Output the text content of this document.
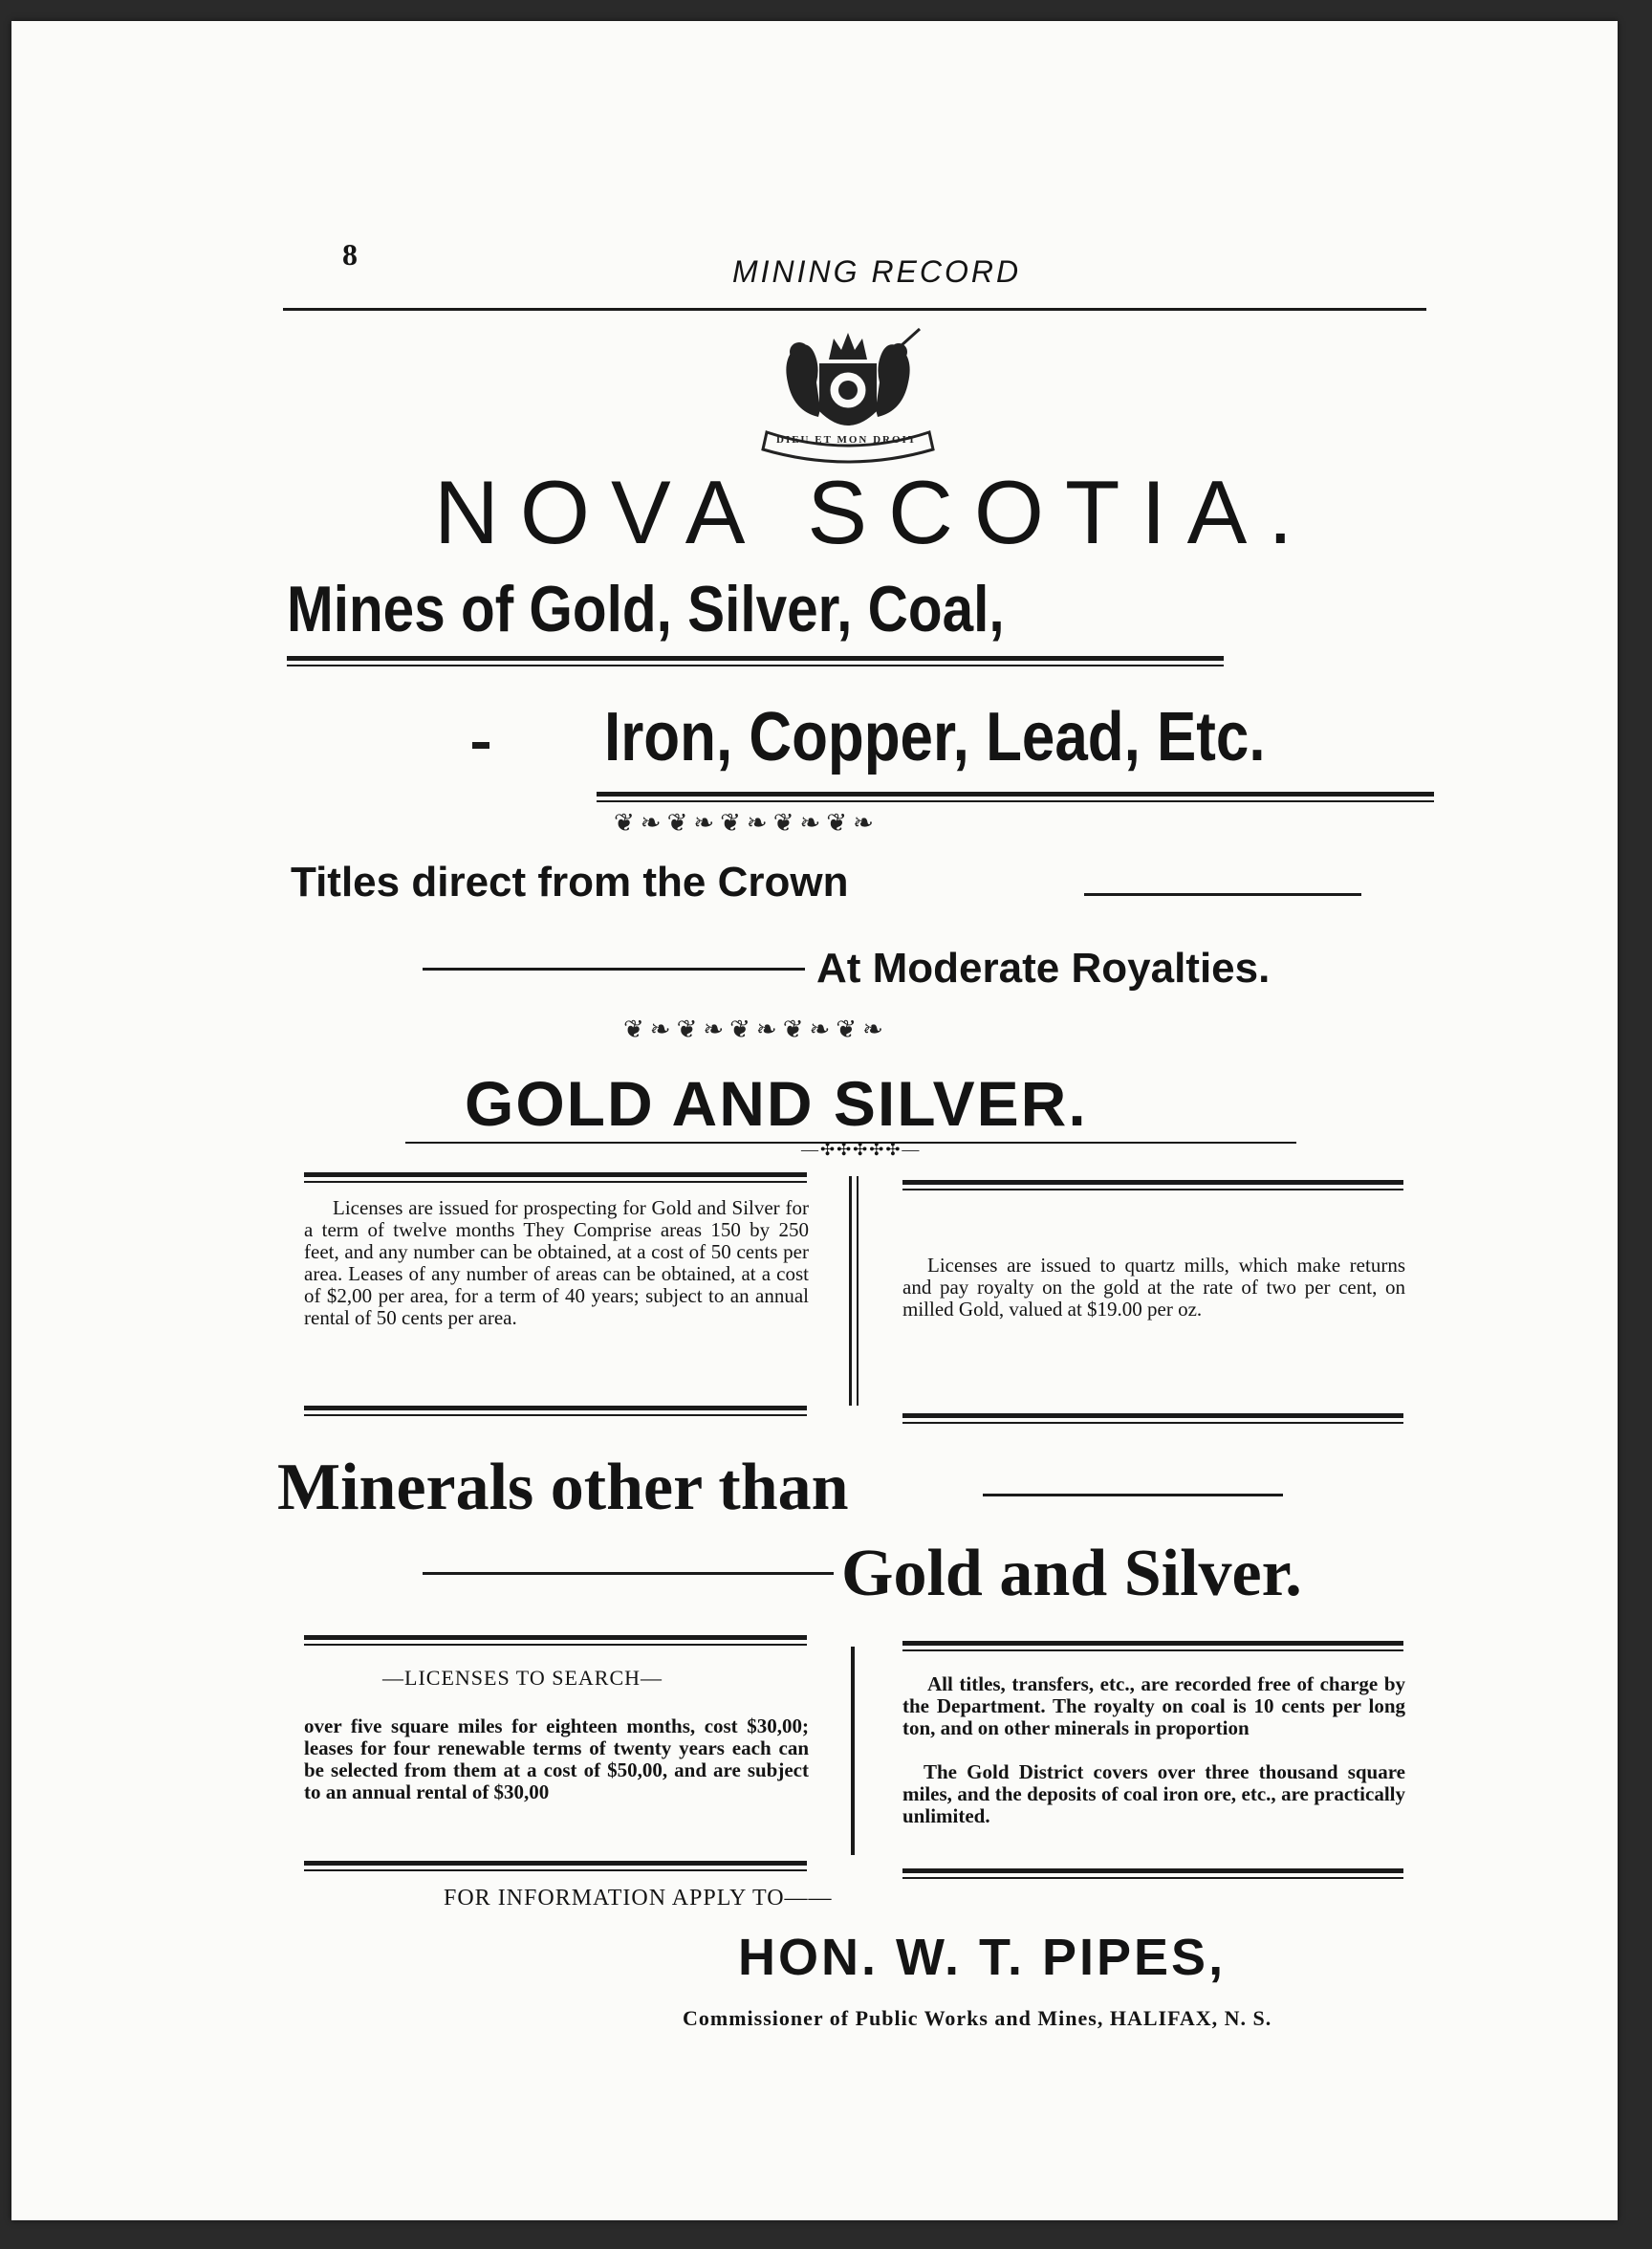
8	MINING RECORD
DIEU ET MON DROIT
NOVA SCOTIA.
Mines of Gold, Silver, Coal,
Iron, Copper, Lead, Etc.
❦❧❦❧❦❧❦❧❦❧
Titles direct from the Crown
At Moderate Royalties.
❦❧❦❧❦❧❦❧❦❧
GOLD AND SILVER.
—✣✣✣✣✣—
Licenses are issued for prospecting for Gold and Silver for a term of twelve months They Comprise areas 150 by 250 feet, and any number can be obtained, at a cost of 50 cents per area. Leases of any number of areas can be obtained, at a cost of $2,00 per area, for a term of 40 years; subject to an annual rental of 50 cents per area.
Licenses are issued to quartz mills, which make returns and pay royalty on the gold at the rate of two per cent, on milled Gold, valued at $19.00 per oz.
Minerals other than
Gold and Silver.
—LICENSES TO SEARCH—
over five square miles for eighteen months, cost $30,00; leases for four renewable terms of twenty years each can be selected from them at a cost of $50,00, and are subject to an annual rental of $30,00
All titles, transfers, etc., are recorded free of charge by the Department. The royalty on coal is 10 cents per long ton, and on other minerals in proportion
The Gold District covers over three thousand square miles, and the deposits of coal iron ore, etc., are practically unlimited.
FOR INFORMATION APPLY TO——
HON. W. T. PIPES,
Commissioner of Public Works and Mines, HALIFAX, N. S.
